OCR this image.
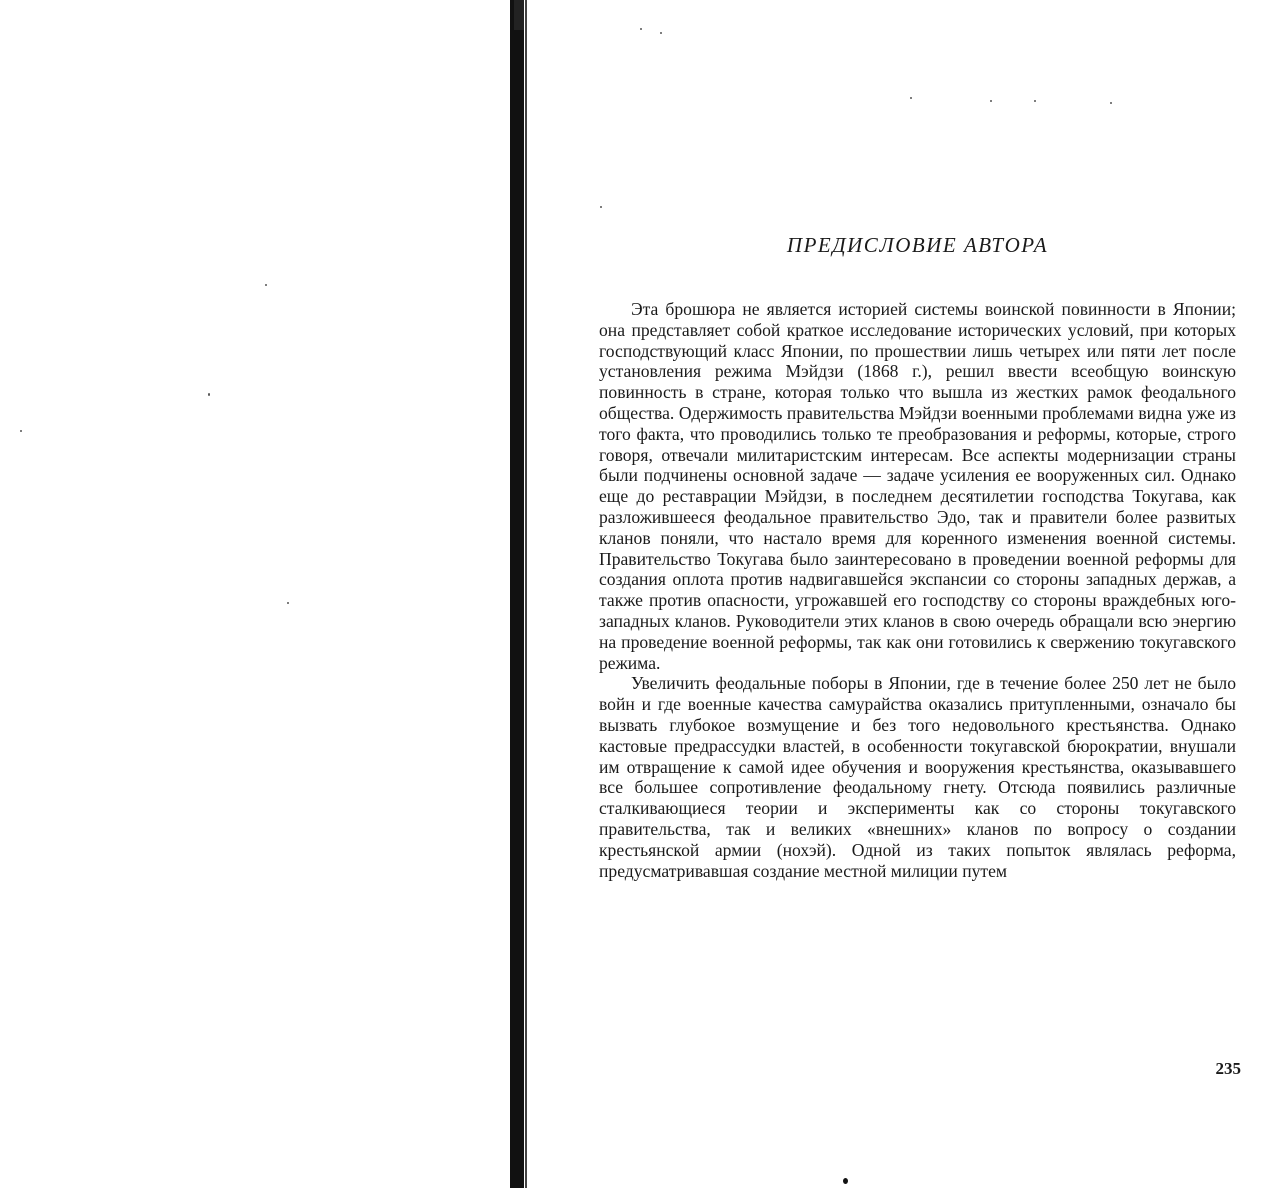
ПРЕДИСЛОВИЕ АВТОРА

Эта брошюра не является историей системы воинской повинности в Японии; она представляет собой краткое исследование исторических условий, при которых господствующий класс Японии, по прошествии лишь четырех или пяти лет после установления режима Мэйдзи (1868 г.), решил ввести всеобщую воинскую повинность в стране, которая только что вышла из жестких рамок феодального общества. Одержимость правительства Мэйдзи военными проблемами видна уже из того факта, что проводились только те преобразования и реформы, которые, строго говоря, отвечали милитаристским интересам. Все аспекты модернизации страны были подчинены основной задаче — задаче усиления ее вооруженных сил. Однако еще до реставрации Мэйдзи, в последнем десятилетии господства Токугава, как разложившееся феодальное правительство Эдо, так и правители более развитых кланов поняли, что настало время для коренного изменения военной системы. Правительство Токугава было заинтересовано в проведении военной реформы для создания оплота против надвигавшейся экспансии со стороны западных держав, а также против опасности, угрожавшей его господству со стороны враждебных юго-западных кланов. Руководители этих кланов в свою очередь обращали всю энергию на проведение военной реформы, так как они готовились к свержению токугавского режима.

Увеличить феодальные поборы в Японии, где в течение более 250 лет не было войн и где военные качества самурайства оказались притупленными, означало бы вызвать глубокое возмущение и без того недовольного крестьянства. Однако кастовые предрассудки властей, в особенности токугавской бюрократии, внушали им отвращение к самой идее обучения и вооружения крестьянства, оказывавшего все большее сопротивление феодальному гнету. Отсюда появились различные сталкивающиеся теории и эксперименты как со стороны токугавского правительства, так и великих «внешних» кланов по вопросу о создании крестьянской армии (нохэй). Одной из таких попыток являлась реформа, предусматривавшая создание местной милиции путем

235
